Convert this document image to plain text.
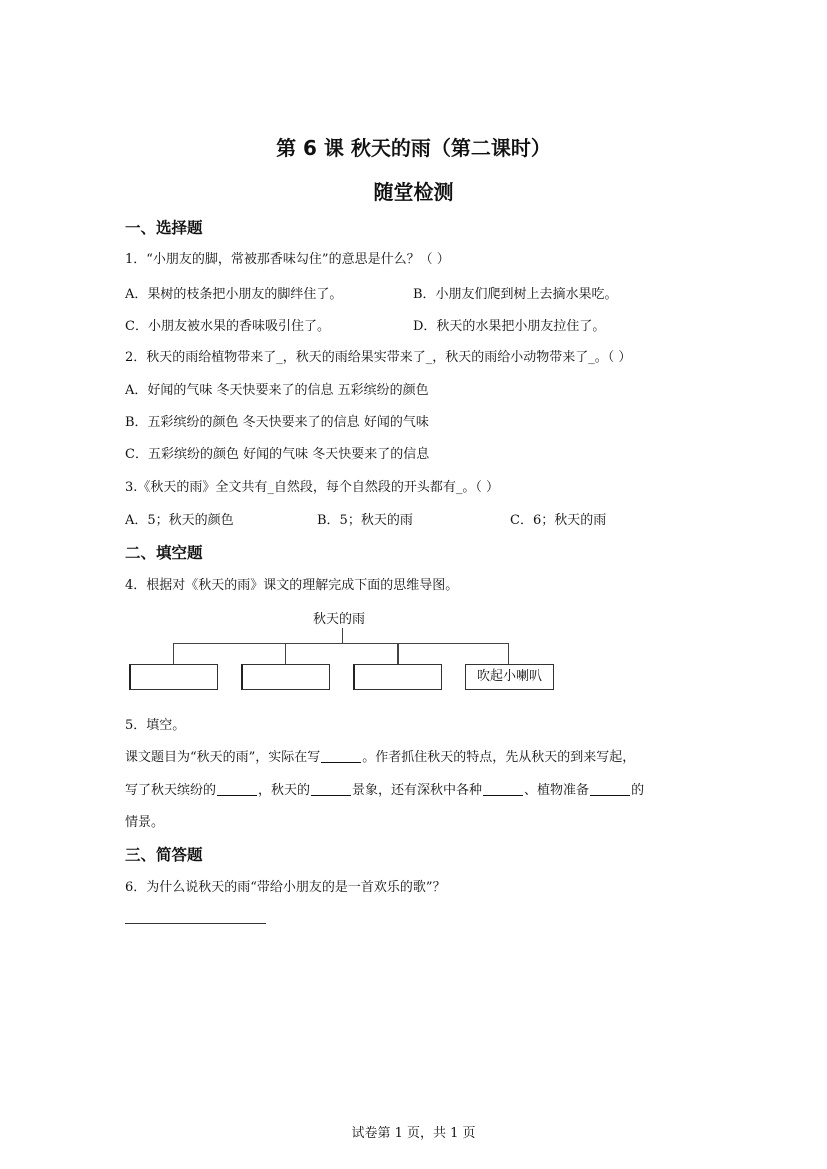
第 6 课 秋天的雨（第二课时）
随堂检测
一、选择题
1．“小朋友的脚，常被那香味勾住”的意思是什么？（ ）
A．果树的枝条把小朋友的脚绊住了。	B．小朋友们爬到树上去摘水果吃。
C．小朋友被水果的香味吸引住了。	D．秋天的水果把小朋友拉住了。
2．秋天的雨给植物带来了_，秋天的雨给果实带来了_，秋天的雨给小动物带来了_。（ ）
A．好闻的气味 冬天快要来了的信息 五彩缤纷的颜色
B．五彩缤纷的颜色 冬天快要来了的信息 好闻的气味
C．五彩缤纷的颜色 好闻的气味 冬天快要来了的信息
3.《秋天的雨》全文共有_自然段，每个自然段的开头都有_。（ ）
A．5；秋天的颜色	B．5；秋天的雨	C．6；秋天的雨
二、填空题
4．根据对《秋天的雨》课文的理解完成下面的思维导图。
秋天的雨
吹起小喇叭
5．填空。
课文题目为“秋天的雨”，实际在写	。作者抓住秋天的特点，先从秋天的到来写起，
写了秋天缤纷的	，秋天的	景象，还有深秋中各种	、植物准备	的
情景。
三、简答题
6．为什么说秋天的雨“带给小朋友的是一首欢乐的歌”？
试卷第 1 页，共 1 页
